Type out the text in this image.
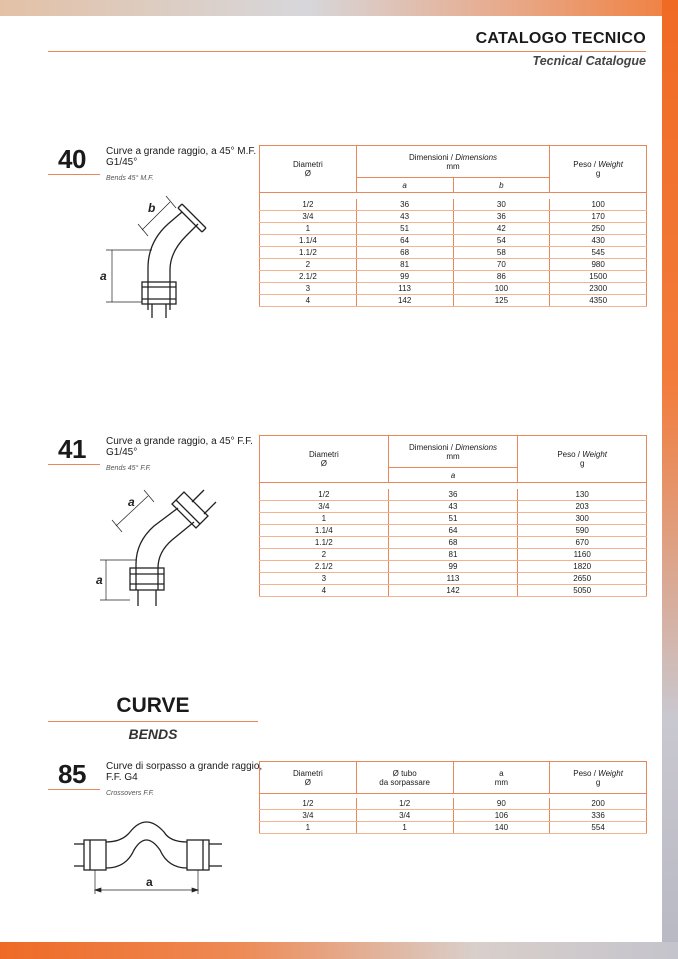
CATALOGO TECNICO
Tecnical Catalogue
40 Curve a grande raggio, a 45° M.F. G1/45°
Bends 45° M.F.
a
b
Diametri
Ø	Dimensioni / Dimensions
mm		Peso / Weight
g
	a	b	

1/2	36	30	100
3/4	43	36	170
1	51	42	250
1.1/4	64	54	430
1.1/2	68	58	545
2	81	70	980
2.1/2	99	86	1500
3	113	100	2300
4	142	125	4350
41 Curve a grande raggio, a 45° F.F. G1/45°
Bends 45° F.F.
a
a
Diametri
Ø	Dimensioni / Dimensions
mm	Peso / Weight
g
	a	

1/2	36	130
3/4	43	203
1	51	300
1.1/4	64	590
1.1/2	68	670
2	81	1160
2.1/2	99	1820
3	113	2650
4	142	5050
CURVE
BENDS
85 Curve di sorpasso a grande raggio, F.F. G4
Crossovers F.F.
a
Diametri
Ø	Ø tubo
da sorpassare	a
mm	Peso / Weight
g

1/2	1/2	90	200
3/4	3/4	106	336
1	1	140	554
